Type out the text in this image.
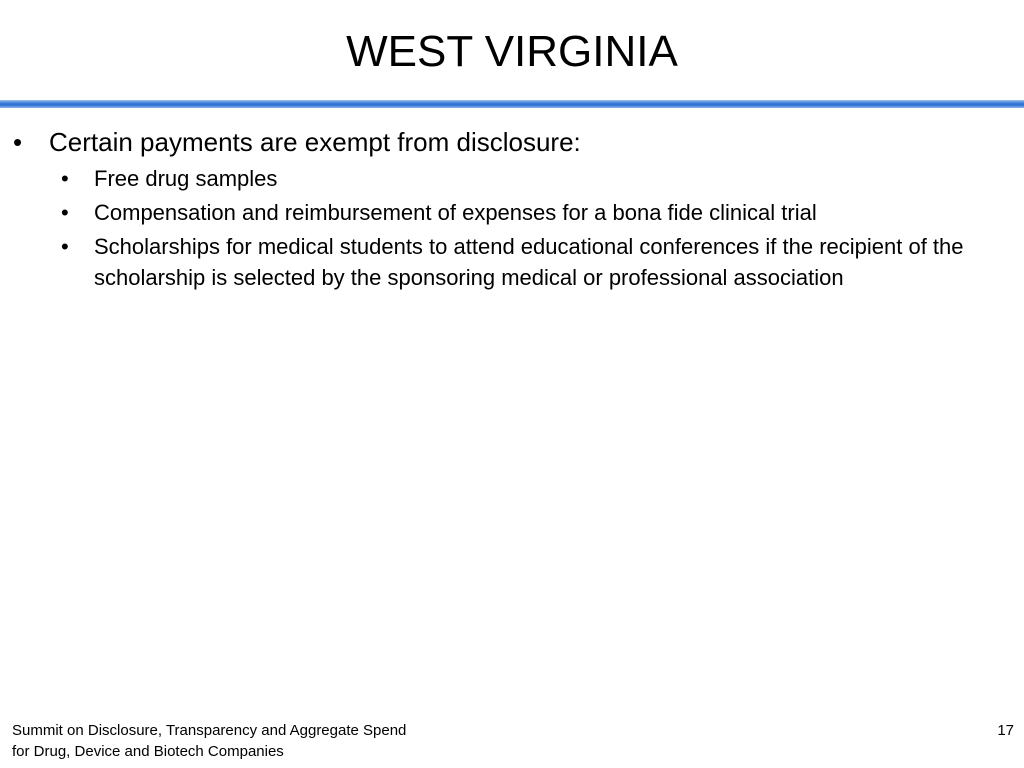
WEST VIRGINIA
• Certain payments are exempt from disclosure:
• Free drug samples
• Compensation and reimbursement of expenses for a bona fide clinical trial
• Scholarships for medical students to attend educational conferences if the recipient of the scholarship is selected by the sponsoring medical or professional association
Summit on Disclosure, Transparency and Aggregate Spend
for Drug, Device and Biotech Companies
17
